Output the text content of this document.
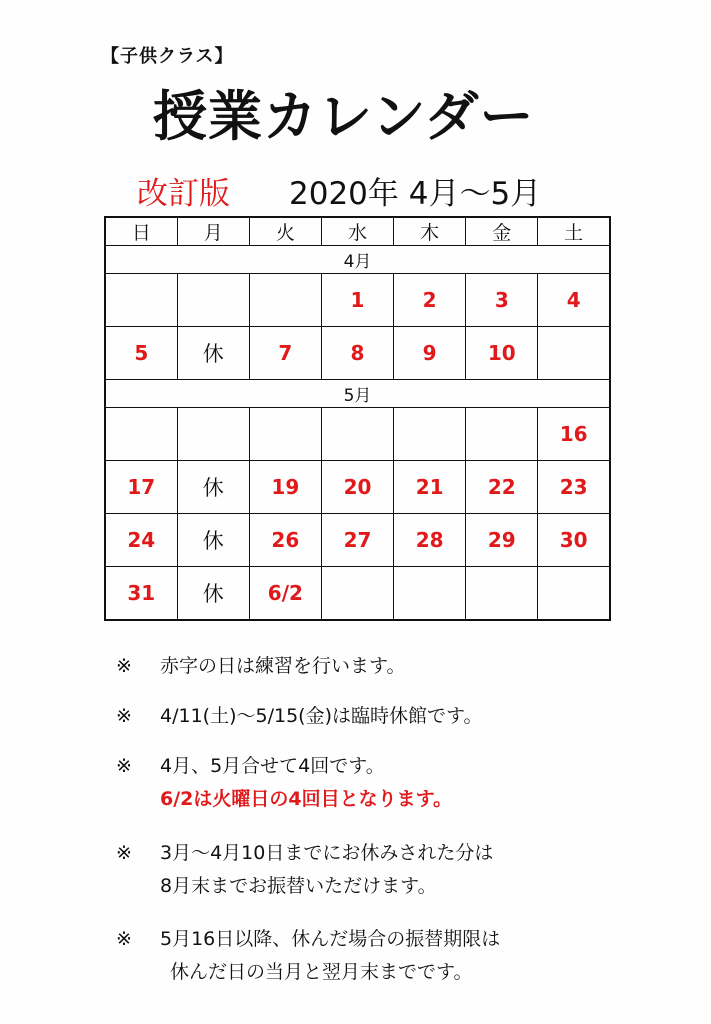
【子供クラス】
授業カレンダー
改訂版 2020年 4月～5月
日	月	火	水	木	金	土
4月						
			1	2	3	4
5	休	7	8	9	10	
5月						
						16
17	休	19	20	21	22	23
24	休	26	27	28	29	30
31	休	6/2				
※ 赤字の日は練習を行います。
※ 4/11(土)～5/15(金)は臨時休館です。
※ 4月、5月合せて4回です。
6/2は火曜日の4回目となります。
※ 3月～4月10日までにお休みされた分は
8月末までお振替いただけます。
※ 5月16日以降、休んだ場合の振替期限は
休んだ日の当月と翌月末までです。
